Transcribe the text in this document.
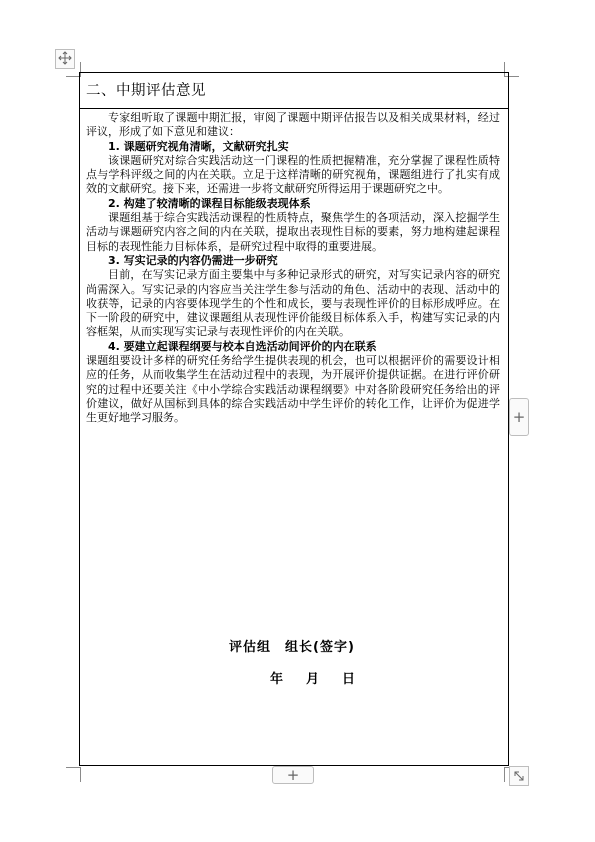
二、中期评估意见

专家组听取了课题中期汇报，审阅了课题中期评估报告以及相关成果材料，经过评议，形成了如下意见和建议：

1. 课题研究视角清晰，文献研究扎实

该课题研究对综合实践活动这一门课程的性质把握精准，充分掌握了课程性质特点与学科评级之间的内在关联。立足于这样清晰的研究视角，课题组进行了扎实有成效的文献研究。接下来，还需进一步将文献研究所得运用于课题研究之中。

2. 构建了较清晰的课程目标能级表现体系

课题组基于综合实践活动课程的性质特点，聚焦学生的各项活动，深入挖掘学生活动与课题研究内容之间的内在关联，提取出表现性目标的要素，努力地构建起课程目标的表现性能力目标体系，是研究过程中取得的重要进展。

3. 写实记录的内容仍需进一步研究

目前，在写实记录方面主要集中与多种记录形式的研究，对写实记录内容的研究尚需深入。写实记录的内容应当关注学生参与活动的角色、活动中的表现、活动中的收获等，记录的内容要体现学生的个性和成长，要与表现性评价的目标形成呼应。在下一阶段的研究中，建议课题组从表现性评价能级目标体系入手，构建写实记录的内容框架，从而实现写实记录与表现性评价的内在关联。

4. 要建立起课程纲要与校本自选活动间评价的内在联系

课题组要设计多样的研究任务给学生提供表现的机会，也可以根据评价的需要设计相应的任务，从而收集学生在活动过程中的表现，为开展评价提供证据。在进行评价研究的过程中还要关注《中小学综合实践活动课程纲要》中对各阶段研究任务给出的评价建议，做好从国标到具体的综合实践活动中学生评价的转化工作，让评价为促进学生更好地学习服务。

评估组　组长(签字)
年 月 日
+
+
